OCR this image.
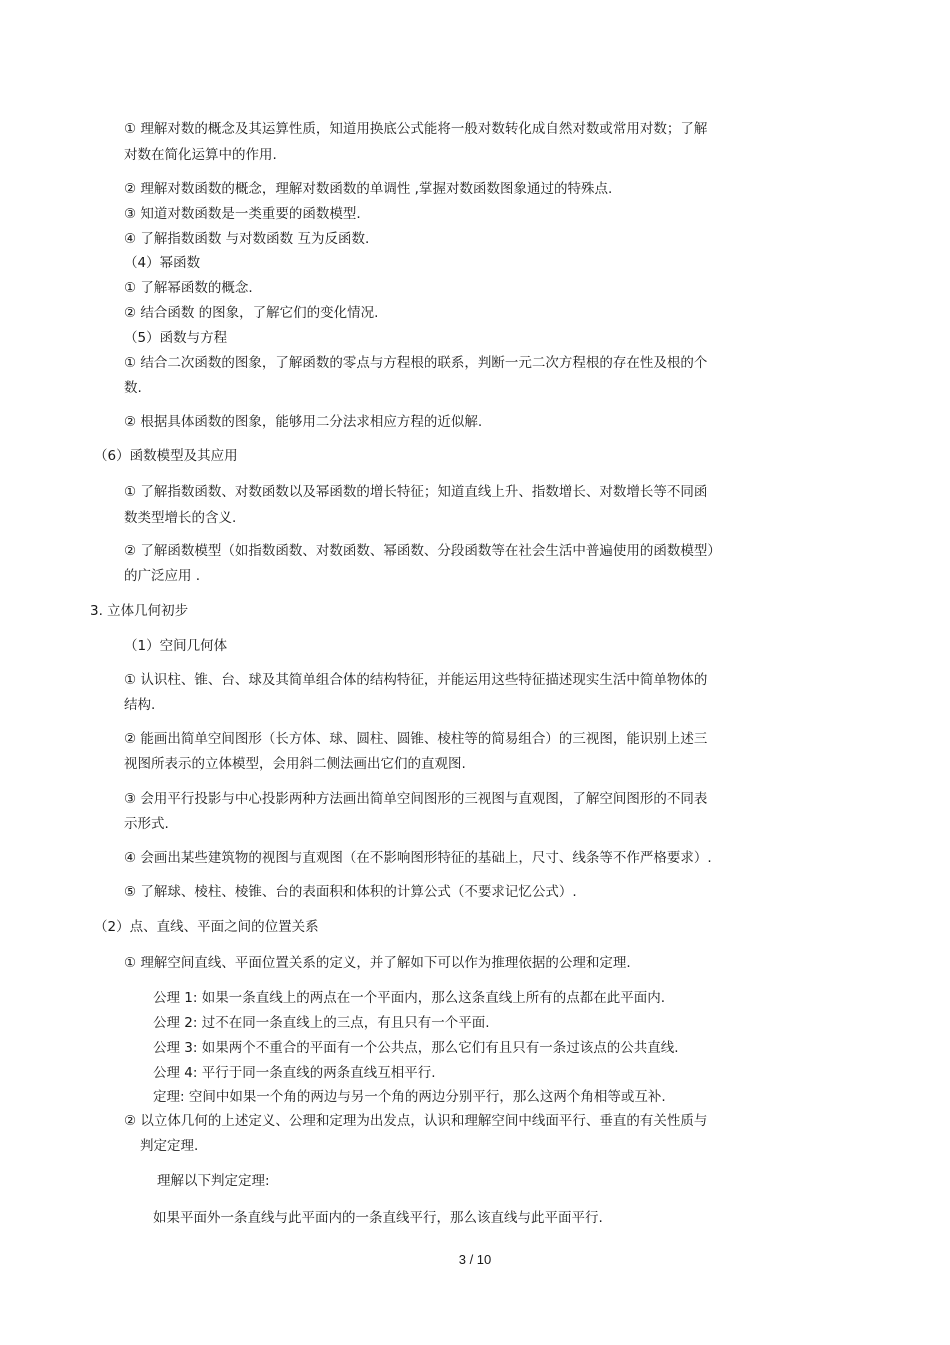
① 理解对数的概念及其运算性质，知道用换底公式能将一般对数转化成自然对数或常用对数；了解
对数在简化运算中的作用.
② 理解对数函数的概念，理解对数函数的单调性 ,掌握对数函数图象通过的特殊点.
③ 知道对数函数是一类重要的函数模型.
④ 了解指数函数 与对数函数 互为反函数.
（4）幂函数
① 了解幂函数的概念.
② 结合函数 的图象，了解它们的变化情况.
（5）函数与方程
① 结合二次函数的图象，了解函数的零点与方程根的联系，判断一元二次方程根的存在性及根的个
数.
② 根据具体函数的图象，能够用二分法求相应方程的近似解.
（6）函数模型及其应用
① 了解指数函数、对数函数以及幂函数的增长特征；知道直线上升、指数增长、对数增长等不同函
数类型增长的含义.
② 了解函数模型（如指数函数、对数函数、幂函数、分段函数等在社会生活中普遍使用的函数模型）
的广泛应用 .
3. 立体几何初步
（1）空间几何体
① 认识柱、锥、台、球及其简单组合体的结构特征，并能运用这些特征描述现实生活中简单物体的
结构.
② 能画出简单空间图形（长方体、球、圆柱、圆锥、棱柱等的简易组合）的三视图，能识别上述三
视图所表示的立体模型，会用斜二侧法画出它们的直观图.
③ 会用平行投影与中心投影两种方法画出简单空间图形的三视图与直观图，了解空间图形的不同表
示形式.
④ 会画出某些建筑物的视图与直观图（在不影响图形特征的基础上，尺寸、线条等不作严格要求）.
⑤ 了解球、棱柱、棱锥、台的表面积和体积的计算公式（不要求记忆公式）.
（2）点、直线、平面之间的位置关系
① 理解空间直线、平面位置关系的定义，并了解如下可以作为推理依据的公理和定理.
公理 1: 如果一条直线上的两点在一个平面内，那么这条直线上所有的点都在此平面内.
公理 2: 过不在同一条直线上的三点，有且只有一个平面.
公理 3: 如果两个不重合的平面有一个公共点，那么它们有且只有一条过该点的公共直线.
公理 4: 平行于同一条直线的两条直线互相平行.
定理: 空间中如果一个角的两边与另一个角的两边分别平行，那么这两个角相等或互补.
② 以立体几何的上述定义、公理和定理为出发点，认识和理解空间中线面平行、垂直的有关性质与
判定定理.
理解以下判定定理:
如果平面外一条直线与此平面内的一条直线平行，那么该直线与此平面平行.
3 / 10
